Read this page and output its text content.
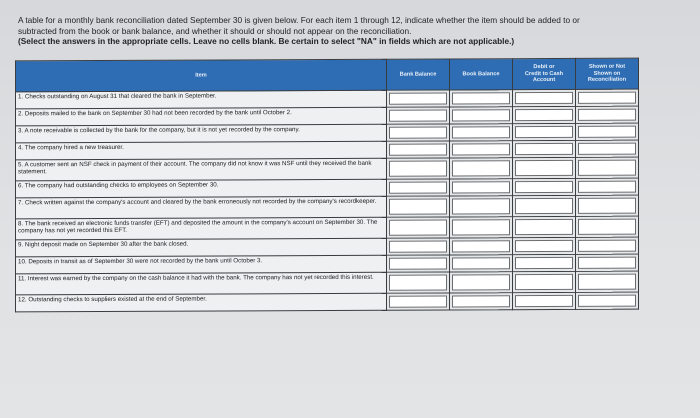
A table for a monthly bank reconciliation dated September 30 is given below. For each item 1 through 12, indicate whether the item should be added to or subtracted from the book or bank balance, and whether it should or should not appear on the reconciliation.
(Select the answers in the appropriate cells. Leave no cells blank. Be certain to select "NA" in fields which are not applicable.)
Item	Bank Balance	Book Balance	Debit or
Credit to Cash
Account	Shown or Not
Shown on
Reconciliation

1. Checks outstanding on August 31 that cleared the bank in September.	

2. Deposits mailed to the bank on September 30 had not been recorded by the bank until October 2.	

3. A note receivable is collected by the bank for the company, but it is not yet recorded by the company.	

4. The company hired a new treasurer.	

5. A customer sent an NSF check in payment of their account. The company did not know it was NSF until they received the bank statement.	

6. The company had outstanding checks to employees on September 30.	

7. Check written against the company's account and cleared by the bank erroneously not recorded by the company's recordkeeper.	

8. The bank received an electronic funds transfer (EFT) and deposited the amount in the company's account on September 30. The company has not yet recorded this EFT.	

9. Night deposit made on September 30 after the bank closed.	

10. Deposits in transit as of September 30 were not recorded by the bank until October 3.	

11. Interest was earned by the company on the cash balance it had with the bank. The company has not yet recorded this interest.	

12. Outstanding checks to suppliers existed at the end of September.	
